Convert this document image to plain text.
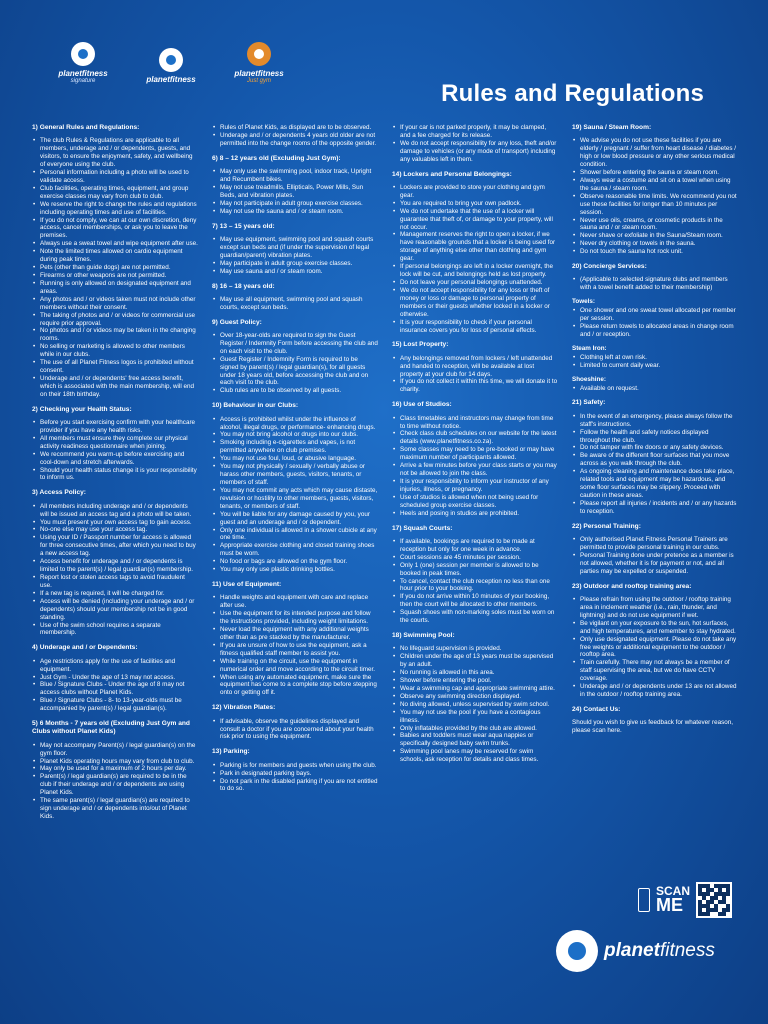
planetfitness
signature	planetfitness
planetfitness
Just gym	Rules and Regulations
1) General Rules and Regulations:
• The club Rules & Regulations are applicable to all members, underage and / or dependents, guests, and visitors, to ensure the enjoyment, safety, and wellbeing of everyone using the club.
• Personal information including a photo will be used to validate access.
• Club facilities, operating times, equipment, and group exercise classes may vary from club to club.
• We reserve the right to change the rules and regulations including operating times and use of facilities.
• If you do not comply, we can at our own discretion, deny access, cancel memberships, or ask you to leave the premises.
• Always use a sweat towel and wipe equipment after use.
• Note the limited times allowed on cardio equipment during peak times.
• Pets (other than guide dogs) are not permitted.
• Firearms or other weapons are not permitted.
• Running is only allowed on designated equipment and areas.
• Any photos and / or videos taken must not include other members without their consent.
• The taking of photos and / or videos for commercial use require prior approval.
• No photos and / or videos may be taken in the changing rooms.
• No selling or marketing is allowed to other members while in our clubs.
• The use of all Planet Fitness logos is prohibited without consent.
• Underage and / or dependents' free access benefit, which is associated with the main membership, will end on their 18th birthday.
2) Checking your Health Status:
• Before you start exercising confirm with your healthcare provider if you have any health risks.
• All members must ensure they complete our physical activity readiness questionnaire when joining.
• We recommend you warm-up before exercising and cool-down and stretch afterwards.
• Should your health status change it is your responsibility to inform us.
3) Access Policy:
• All members including underage and / or dependents will be issued an access tag and a photo will be taken.
• You must present your own access tag to gain access.
• No-one else may use your access tag.
• Using your ID / Passport number for access is allowed for three consecutive times, after which you need to buy a new access tag.
• Access benefit for underage and / or dependents is limited to the parent(s) / legal guardian(s) membership.
• Report lost or stolen access tags to avoid fraudulent use.
• If a new tag is required, it will be charged for.
• Access will be denied (including your underage and / or dependents) should your membership not be in good standing.
• Use of the swim school requires a separate membership.
4) Underage and / or Dependents:
• Age restrictions apply for the use of facilities and equipment.
• Just Gym - Under the age of 13 may not access.
• Blue / Signature Clubs - Under the age of 8 may not access clubs without Planet Kids.
• Blue / Signature Clubs - 8- to 13-year-olds must be accompanied by parent(s) / legal guardian(s).
5) 6 Months - 7 years old (Excluding Just Gym and Clubs without Planet Kids)
• May not accompany Parent(s) / legal guardian(s) on the gym floor.
• Planet Kids operating hours may vary from club to club.
• May only be used for a maximum of 2 hours per day.
• Parent(s) / legal guardian(s) are required to be in the club if their underage and / or dependents are using Planet Kids.
• The same parent(s) / legal guardian(s) are required to sign underage and / or dependents into/out of Planet Kids.
• Rules of Planet Kids, as displayed are to be observed.
• Underage and / or dependents 4 years old older are not permitted into the change rooms of the opposite gender.
6) 8 – 12 years old (Excluding Just Gym):
• May only use the swimming pool, indoor track, Upright and Recumbent bikes.
• May not use treadmills, Ellipticals, Power Mills, Sun Beds, and vibration plates.
• May not participate in adult group exercise classes.
• May not use the sauna and / or steam room.
7) 13 – 15 years old:
• May use equipment, swimming pool and squash courts except sun beds and (if under the supervision of legal guardian/parent) vibration plates.
• May participate in adult group exercise classes.
• May use sauna and / or steam room.
8) 16 – 18 years old:
• May use all equipment, swimming pool and squash courts, except sun beds.
9) Guest Policy:
• Over 18-year-olds are required to sign the Guest Register / Indemnity Form before accessing the club and on each visit to the club.
• Guest Register / Indemnity Form is required to be signed by parent(s) / legal guardian(s), for all guests under 18 years old, before accessing the club and on each visit to the club.
• Club rules are to be observed by all guests.
10) Behaviour in our Clubs:
• Access is prohibited whilst under the influence of alcohol, illegal drugs, or performance- enhancing drugs.
• You may not bring alcohol or drugs into our clubs.
• Smoking including e-cigarettes and vapes, is not permitted anywhere on club premises.
• You may not use foul, loud, or abusive language.
• You may not physically / sexually / verbally abuse or harass other members, guests, visitors, tenants, or members of staff.
• You may not commit any acts which may cause distaste, revulsion or hostility to other members, guests, visitors, tenants, or members of staff.
• You will be liable for any damage caused by you, your guest and an underage and / or dependent.
• Only one individual is allowed in a shower cubicle at any one time.
• Appropriate exercise clothing and closed training shoes must be worn.
• No food or bags are allowed on the gym floor.
• You may only use plastic drinking bottles.
11) Use of Equipment:
• Handle weights and equipment with care and replace after use.
• Use the equipment for its intended purpose and follow the instructions provided, including weight limitations.
• Never load the equipment with any additional weights other than as pre stacked by the manufacturer.
• If you are unsure of how to use the equipment, ask a fitness qualified staff member to assist you.
• While training on the circuit, use the equipment in numerical order and move according to the circuit timer.
• When using any automated equipment, make sure the equipment has come to a complete stop before stepping onto or getting off it.
12) Vibration Plates:
• If advisable, observe the guidelines displayed and consult a doctor if you are concerned about your health risk prior to using the equipment.
13) Parking:
• Parking is for members and guests when using the club.
• Park in designated parking bays.
• Do not park in the disabled parking if you are not entitled to do so.
• If your car is not parked properly, it may be clamped, and a fee charged for its release.
• We do not accept responsibility for any loss, theft and/or damage to vehicles (or any mode of transport) including any valuables left in them.
14) Lockers and Personal Belongings:
• Lockers are provided to store your clothing and gym gear.
• You are required to bring your own padlock.
• We do not undertake that the use of a locker will guarantee that theft of, or damage to your property, will not occur.
• Management reserves the right to open a locker, if we have reasonable grounds that a locker is being used for storage of anything else other than clothing and gym gear.
• If personal belongings are left in a locker overnight, the lock will be cut, and belongings held as lost property.
• Do not leave your personal belongings unattended.
• We do not accept responsibility for any loss or theft of money or loss or damage to personal property of members or their guests whether locked in a locker or otherwise.
• It is your responsibility to check if your personal insurance covers you for loss of personal effects.
15) Lost Property:
• Any belongings removed from lockers / left unattended and handed to reception, will be available at lost property at your club for 14 days.
• If you do not collect it within this time, we will donate it to charity.
16) Use of Studios:
• Class timetables and instructors may change from time to time without notice.
• Check class club schedules on our website for the latest details (www.planetfitness.co.za).
• Some classes may need to be pre-booked or may have maximum number of participants allowed.
• Arrive a few minutes before your class starts or you may not be allowed to join the class.
• It is your responsibility to inform your instructor of any injuries, illness, or pregnancy.
• Use of studios is allowed when not being used for scheduled group exercise classes.
• Heels and posing in studios are prohibited.
17) Squash Courts:
• If available, bookings are required to be made at reception but only for one week in advance.
• Court sessions are 45 minutes per session.
• Only 1 (one) session per member is allowed to be booked in peak times.
• To cancel, contact the club reception no less than one hour prior to your booking.
• If you do not arrive within 10 minutes of your booking, then the court will be allocated to other members.
• Squash shoes with non-marking soles must be worn on the courts.
18) Swimming Pool:
• No lifeguard supervision is provided.
• Children under the age of 13 years must be supervised by an adult.
• No running is allowed in this area.
• Shower before entering the pool.
• Wear a swimming cap and appropriate swimming attire.
• Observe any swimming direction displayed.
• No diving allowed, unless supervised by swim school.
• You may not use the pool if you have a contagious illness.
• Only inflatables provided by the club are allowed.
• Babies and toddlers must wear aqua nappies or specifically designed baby swim trunks.
• Swimming pool lanes may be reserved for swim schools, ask reception for details and class times.
19) Sauna / Steam Room:
• We advise you do not use these facilities if you are elderly / pregnant / suffer from heart disease / diabetes / high or low blood pressure or any other serious medical condition.
• Shower before entering the sauna or steam room.
• Always wear a costume and sit on a towel when using the sauna / steam room.
• Observe reasonable time limits. We recommend you not use these facilities for longer than 10 minutes per session.
• Never use oils, creams, or cosmetic products in the sauna and / or steam room.
• Never shave or exfoliate in the Sauna/Steam room.
• Never dry clothing or towels in the sauna.
• Do not touch the sauna hot rock unit.
20) Concierge Services:
• (Applicable to selected signature clubs and members with a towel benefit added to their membership)
Towels:
• One shower and one sweat towel allocated per member per session.
• Please return towels to allocated areas in change room and / or reception.
Steam Iron:
• Clothing left at own risk.
• Limited to current daily wear.
Shoeshine:
• Available on request.
21) Safety:
• In the event of an emergency, please always follow the staff's instructions.
• Follow the health and safety notices displayed throughout the club.
• Do not tamper with fire doors or any safety devices.
• Be aware of the different floor surfaces that you move across as you walk through the club.
• As ongoing cleaning and maintenance does take place, related tools and equipment may be hazardous, and some floor surfaces may be slippery. Proceed with caution in these areas.
• Please report all injuries / incidents and / or any hazards to reception.
22) Personal Training:
• Only authorised Planet Fitness Personal Trainers are permitted to provide personal training in our clubs.
• Personal Training done under pretence as a member is not allowed, whether it is for payment or not, and all parties may be expelled or suspended.
23) Outdoor and rooftop training area:
• Please refrain from using the outdoor / rooftop training area in inclement weather (i.e., rain, thunder, and lightning) and do not use equipment if wet.
• Be vigilant on your exposure to the sun, hot surfaces, and high temperatures, and remember to stay hydrated.
• Only use designated equipment. Please do not take any free weights or additional equipment to the outdoor / rooftop area.
• Train carefully. There may not always be a member of staff supervising the area, but we do have CCTV coverage.
• Underage and / or dependents under 13 are not allowed in the outdoor / rooftop training area.
24) Contact Us:
Should you wish to give us feedback for whatever reason, please scan here.
SCAN
ME
planetfitness
